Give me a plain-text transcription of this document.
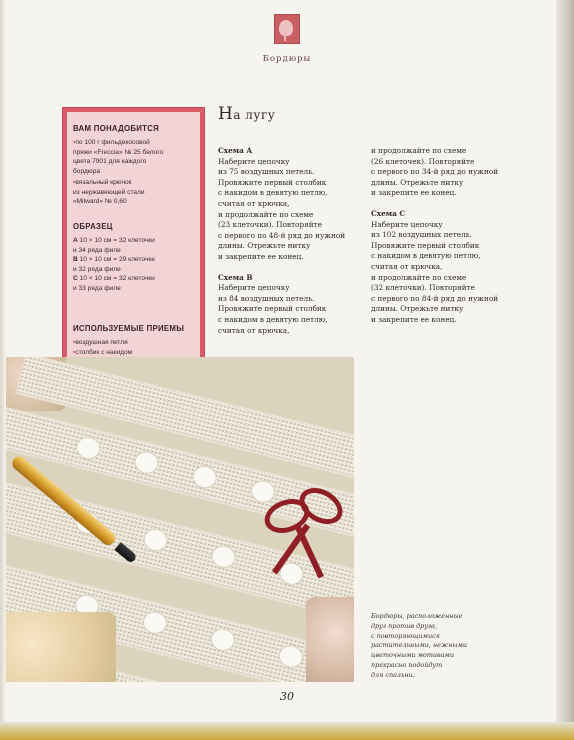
Бордюры
ВАМ ПОНАДОБИТСЯ
▪ по 100 г фильдекосовой
пряжи «Freccia» № 25 белого
цвета 7901 для каждого
бордюра
▪ вязальный крючок
из нержавеющей стали
«Milward» № 0,60
ОБРАЗЕЦ
A 10 × 10 см = 32 клеточки
и 34 ряда филе
B 10 × 10 см = 29 клеточек
и 32 ряда филе
C 10 × 10 см = 32 клеточки
и 33 ряда филе
ИСПОЛЬЗУЕМЫЕ ПРИЕМЫ
▪ воздушная петля
▪ столбик с накидом
На лугу
Схема A
Наберите цепочку
из 75 воздушных петель.
Провяжите первый столбик
с накидом в девятую петлю,
считая от крючка,
и продолжайте по схеме
(23 клеточки). Повторяйте
с первого по 48-й ряд до нужной
длины. Отрежьте нитку
и закрепите ее конец.
Схема B
Наберите цепочку
из 84 воздушных петель.
Провяжите первый столбик
с накидом в девятую петлю,
считая от крючка,
и продолжайте по схеме
(26 клеточек). Повторяйте
с первого по 34-й ряд до нужной
длины. Отрежьте нитку
и закрепите ее конец.
Схема C
Наберите цепочку
из 102 воздушных петель.
Провяжите первый столбик
с накидом в девятую петлю,
считая от крючка,
и продолжайте по схеме
(32 клеточки). Повторяйте
с первого по 84-й ряд до нужной
длины. Отрежьте нитку
и закрепите ее конец.
Бордюры, расположенные
друг против друга,
с повторяющимися
растительными, нежными
цветочными мотивами
прекрасно подойдут
для спальни.
30
